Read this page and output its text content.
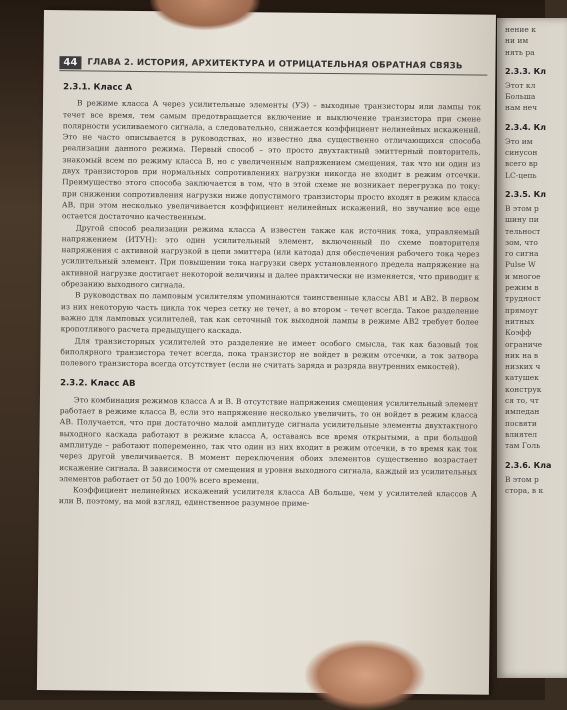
44	ГЛАВА 2. ИСТОРИЯ, АРХИТЕКТУРА И ОТРИЦАТЕЛЬНАЯ ОБРАТНАЯ СВЯЗЬ
2.3.1. Класс А

В режиме класса А через усилительные элементы (УЭ) – выходные транзисторы или лампы ток течет все время, тем самым предотвращается включение и выключение транзистора при смене полярности усиливаемого сигнала, а следовательно, снижается коэффициент нелинейных искажений. Это не часто описывается в руководствах, но известно два существенно отличающихся способа реализации данного режима. Первый способ – это просто двухтактный эмиттерный повторитель, знакомый всем по режиму класса В, но с увеличенным напряжением смещения, так что ни один из двух транзисторов при нормальных сопротивлениях нагрузки никогда не входит в режим отсечки. Преимущество этого способа заключается в том, что в этой схеме не возникает перегрузка по току: при снижении сопротивления нагрузки ниже допустимого транзисторы просто входят в режим класса АВ, при этом несколько увеличивается коэффициент нелинейных искажений, но звучание все еще остается достаточно качественным.

Другой способ реализации режима класса А известен также как источник тока, управляемый напряжением (ИТУН): это один усилительный элемент, включенный по схеме повторителя напряжения с активной нагрузкой в цепи эмиттера (или катода) для обеспечения рабочего тока через усилительный элемент. При повышении тока нагрузки сверх установленного предела напряжение на активной нагрузке достигает некоторой величины и далее практически не изменяется, что приводит к обрезанию выходного сигнала.

В руководствах по ламповым усилителям упоминаются таинственные классы АВ1 и АВ2. В первом из них некоторую часть цикла ток через сетку не течет, а во втором – течет всегда. Такое разделение важно для ламповых усилителей, так как сеточный ток выходной лампы в режиме АВ2 требует более кропотливого расчета предыдущего каскада.

Для транзисторных усилителей это разделение не имеет особого смысла, так как базовый ток биполярного транзистора течет всегда, пока транзистор не войдет в режим отсечки, а ток затвора полевого транзистора всегда отсутствует (если не считать заряда и разряда внутренних емкостей).

2.3.2. Класс АВ

Это комбинация режимов класса А и В. В отсутствие напряжения смещения усилительный элемент работает в режиме класса В, если это напряжение несколько увеличить, то он войдет в режим класса АВ. Получается, что при достаточно малой амплитуде сигнала усилительные элементы двухтактного выходного каскада работают в режиме класса А, оставаясь все время открытыми, а при большой амплитуде – работают попеременно, так что один из них входит в режим отсечки, в то время как ток через другой увеличивается. В момент переключения обоих элементов существенно возрастает искажение сигнала. В зависимости от смещения и уровня выходного сигнала, каждый из усилительных элементов работает от 50 до 100% всего времени.

Коэффициент нелинейных искажений усилителя класса АВ больше, чем у усилителей классов А или В, поэтому, на мой взгляд, единственное разумное приме-

нение к
ни им
нять ра
2.3.3. Кл
Этот кл
Больша
нам неч
2.3.4. Кл
Это им
синусон
всего вр
LC-цепь
2.3.5. Кл
В этом р
шину пи
тельност
зом, что
го сигна
Pulse W
и многое
режим в
трудност
прямоуг
нитных
Коэфф
ограниче
ник на в
низких ч
катушек
конструк
ся то, чт
импедан
посвяти
влиятел
там Голь
2.3.6. Кла
В этом р
стора, в к
